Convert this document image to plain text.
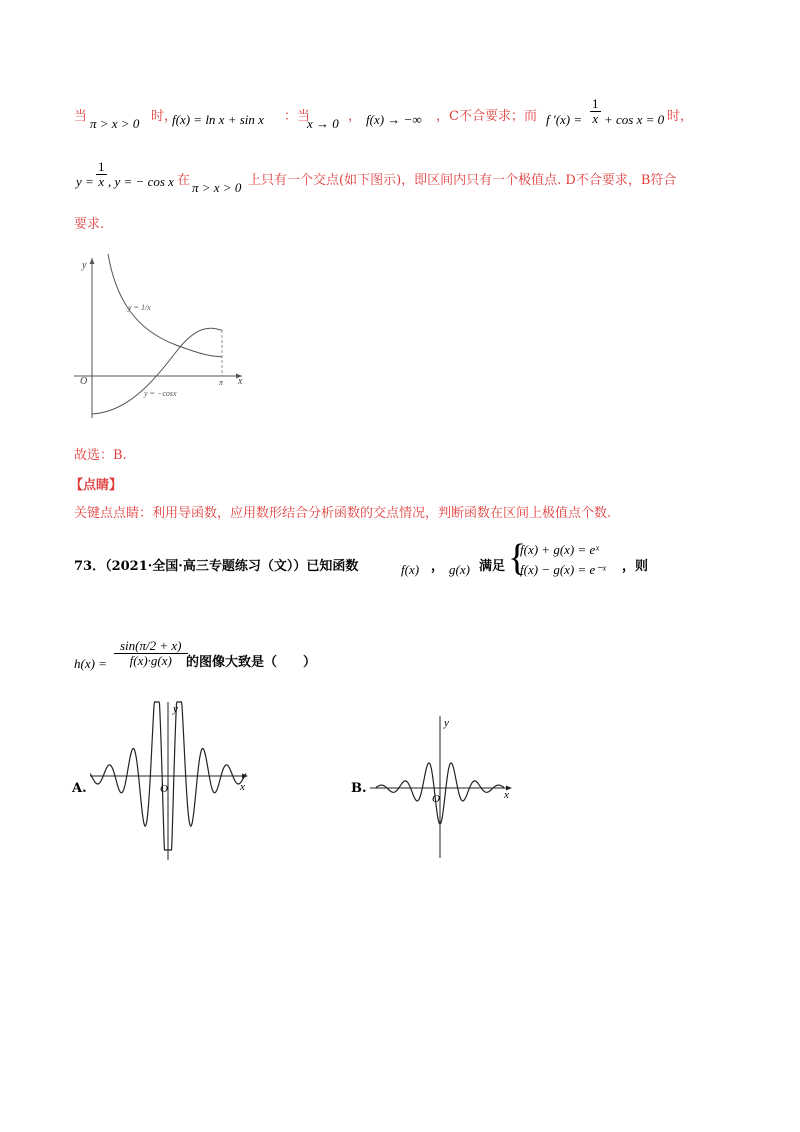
当 π > x > 0 时，
f(x) = ln x + sin x ：当
x → 0 ， f(x) → −∞ ，C不合要求；而 f $'(x) = \frac{1}{x} + \cos x = 0$ 时，
$y = \frac{1}{x}$ , y = − cos x 在 π > x > 0 上只有一个交点(如下图示)，即区间内只有一个极值点. D不合要求，B符合
要求.
y
x
O	π
y = 1/x
y = −cosx
故选：B.
【点睛】
关键点点睛：利用导函数，应用数形结合分析函数的交点情况，判断函数在区间上极值点个数.
73．（2021·全国·高三专题练习（文））已知函数	f(x) ， g(x) 满足 {
f(x) + g(x) = eˣ
f(x) − g(x) = e⁻ˣ ，则
$h(x) = \frac{\sin(\pi/2 + x)}{f(x)\cdot g(x)}$
的图像大致是（　　）
A.
y
x
O	B.
y
x
O
